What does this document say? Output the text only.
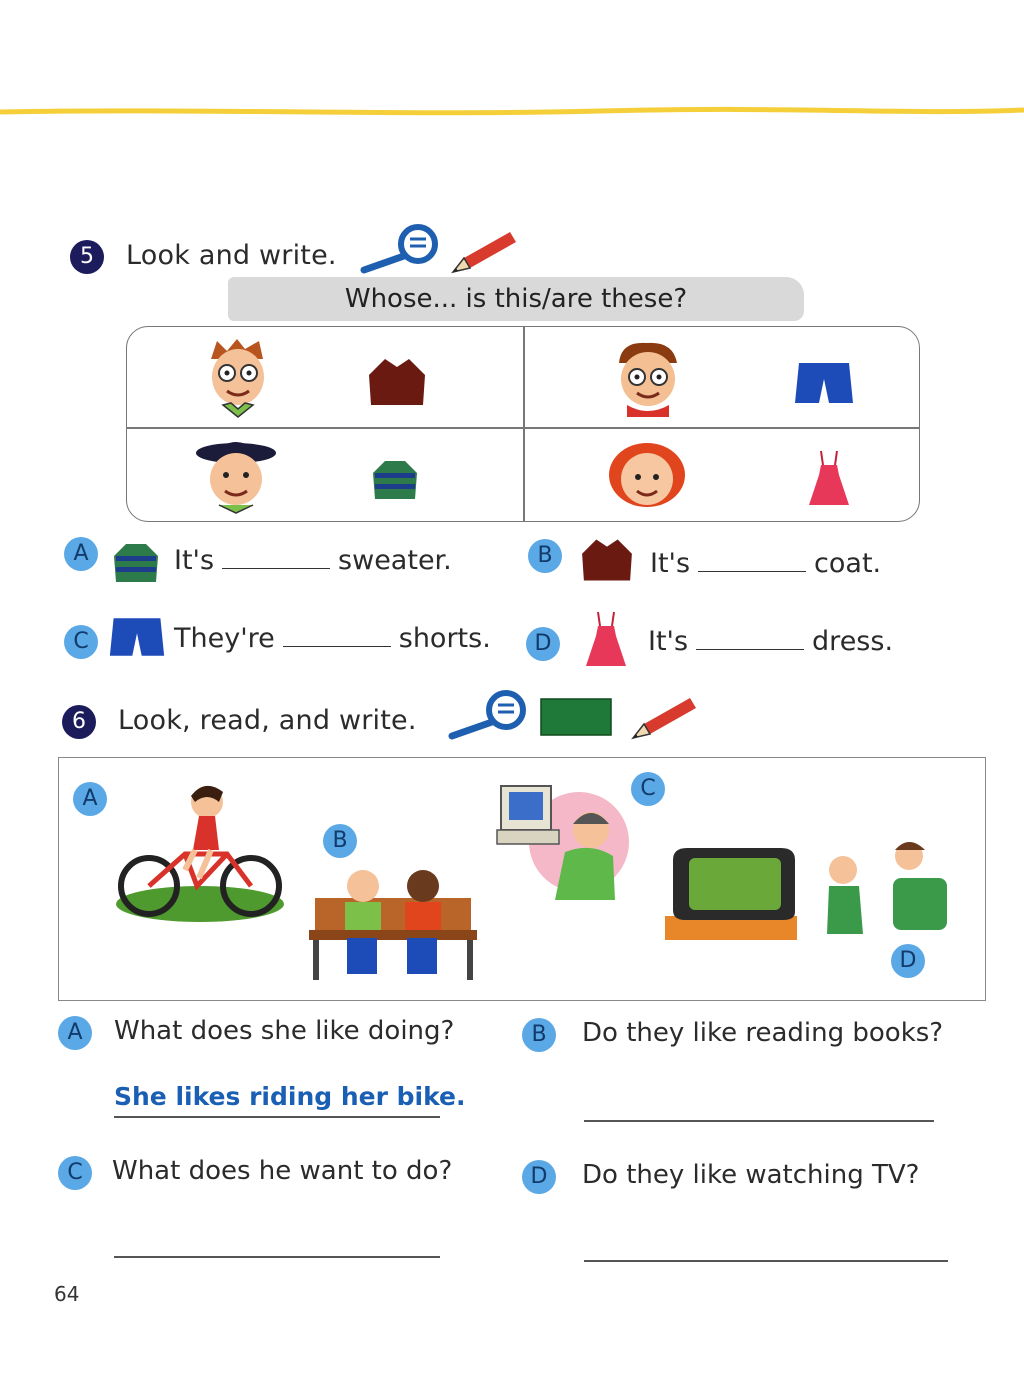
5	Look and write.
Whose... is this/are these?
A	It's	sweater.	B	It's	coat.
C	They're	shorts.	D	It's	dress.
6	Look, read, and write.
A
B
C
D
A	What does she like doing?
She likes riding her bike.
B	Do they like reading books?
C	What does he want to do?	D	Do they like watching TV?
64
